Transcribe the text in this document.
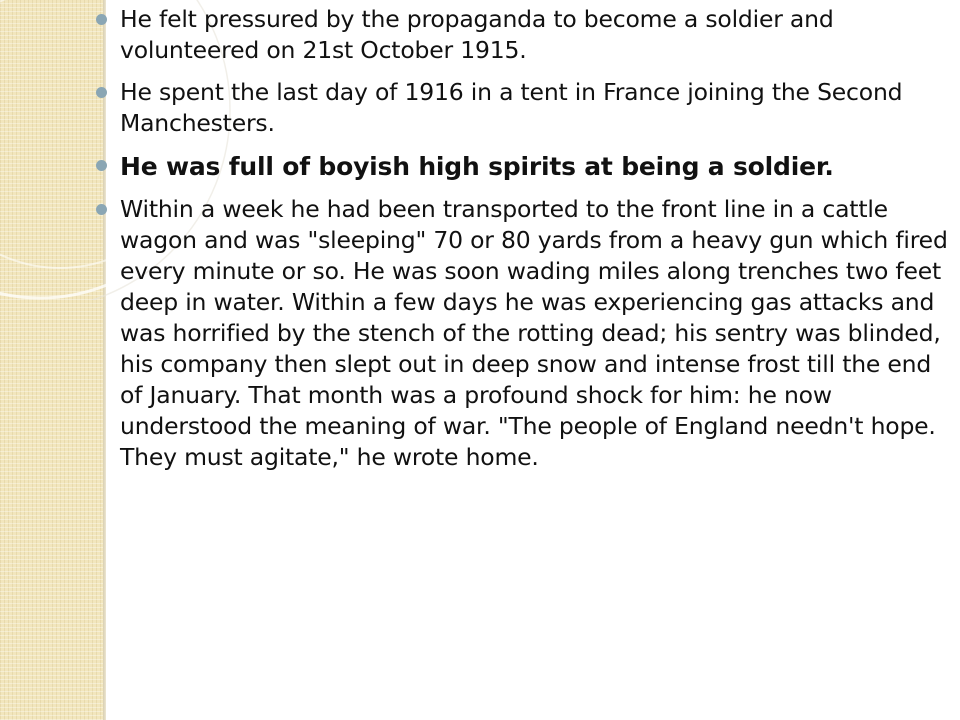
He felt pressured by the propaganda to become a soldier and volunteered on 21st October 1915.
He spent the last day of 1916 in a tent in France joining the Second Manchesters.
He was full of boyish high spirits at being a soldier.
Within a week he had been transported to the front line in a cattle wagon and was "sleeping" 70 or 80 yards from a heavy gun which fired every minute or so. He was soon wading miles along trenches two feet deep in water. Within a few days he was experiencing gas attacks and was horrified by the stench of the rotting dead; his sentry was blinded, his company then slept out in deep snow and intense frost till the end of January. That month was a profound shock for him: he now understood the meaning of war. "The people of England needn't hope. They must agitate," he wrote home.
